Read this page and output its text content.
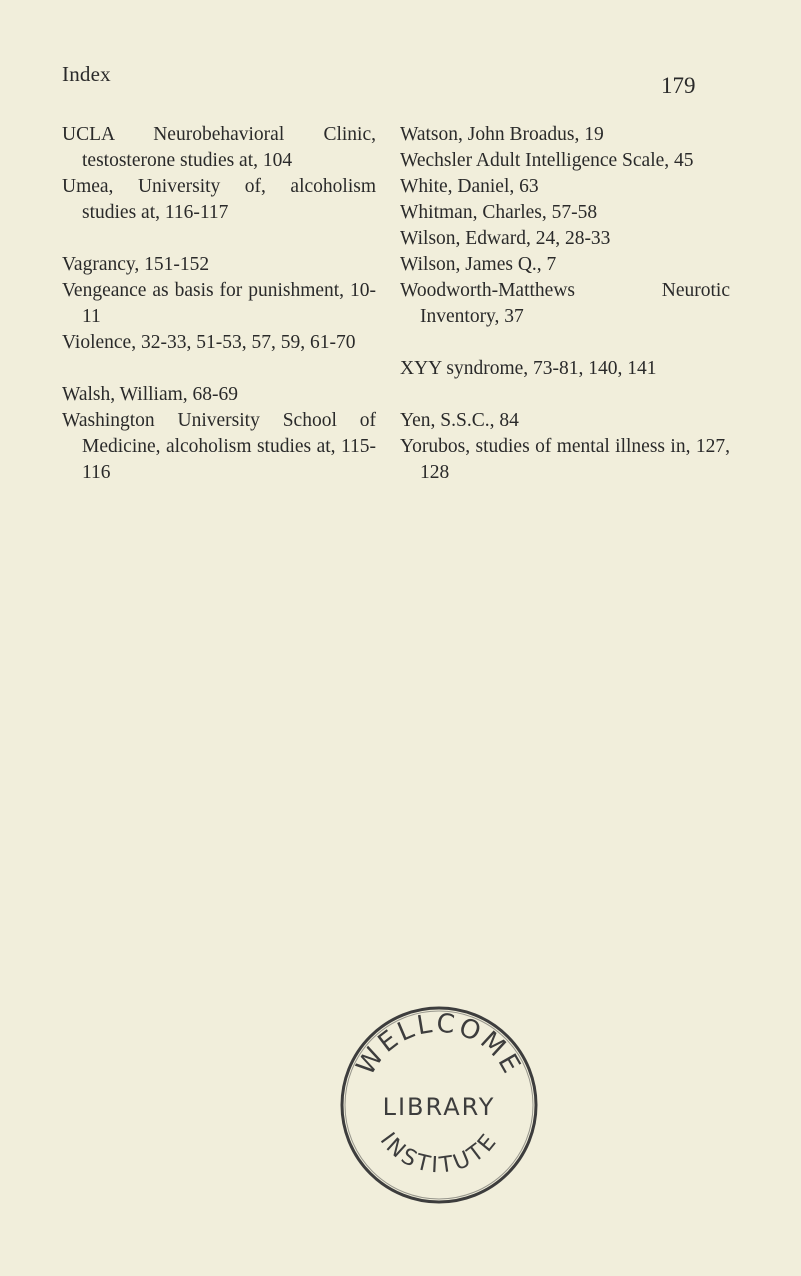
Index	179

UCLA Neurobehavioral Clinic, testosterone studies at, 104

Umea, University of, alcoholism studies at, 116-117

Vagrancy, 151-152

Vengeance as basis for punishment, 10-11

Violence, 32-33, 51-53, 57, 59, 61-70

Walsh, William, 68-69

Washington University School of Medicine, alcoholism studies at, 115-116

Watson, John Broadus, 19

Wechsler Adult Intelligence Scale, 45

White, Daniel, 63

Whitman, Charles, 57-58

Wilson, Edward, 24, 28-33

Wilson, James Q., 7

Woodworth-Matthews Neurotic Inventory, 37

XYY syndrome, 73-81, 140, 141

Yen, S.S.C., 84

Yorubos, studies of mental illness in, 127, 128

WELLCOME
LIBRARY
INSTITUTE
